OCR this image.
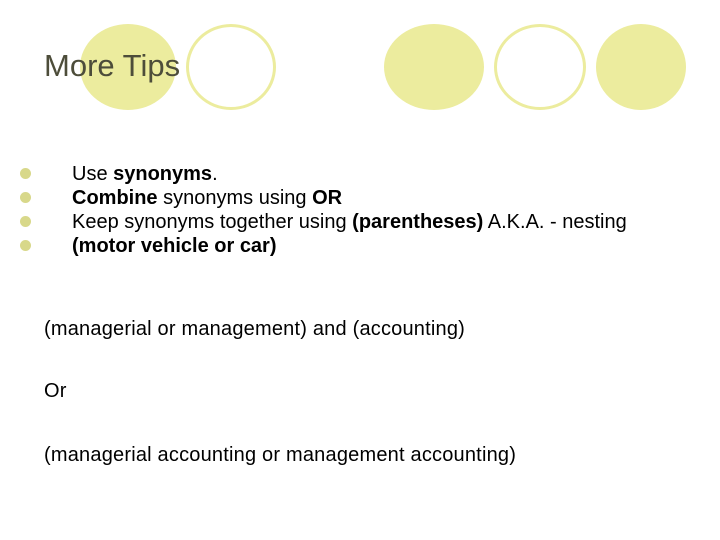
More Tips
Use synonyms.
Combine synonyms using OR
Keep synonyms together using (parentheses) A.K.A. - nesting
(motor vehicle or car)

(managerial or management) and (accounting)

Or

(managerial accounting or management accounting)
